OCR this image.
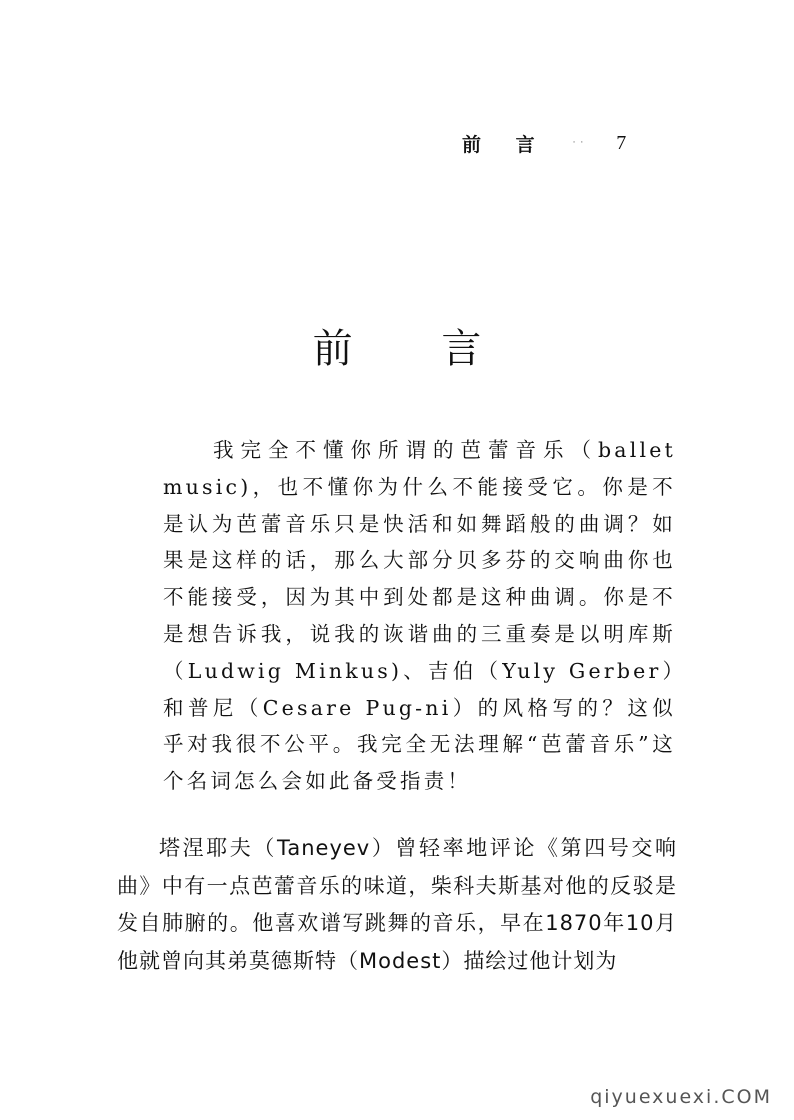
前 言	· · 7
前 言

我完全不懂你所谓的芭蕾音乐（ballet music)，也不懂你为什么不能接受它。你是不是认为芭蕾音乐只是快活和如舞蹈般的曲调？如果是这样的话，那么大部分贝多芬的交响曲你也不能接受，因为其中到处都是这种曲调。你是不是想告诉我，说我的诙谐曲的三重奏是以明库斯（Ludwig Minkus)、吉伯（Yuly Gerber）和普尼（Cesare Pug-ni）的风格写的？这似乎对我很不公平。我完全无法理解“芭蕾音乐”这个名词怎么会如此备受指责！

塔涅耶夫（Taneyev）曾轻率地评论《第四号交响曲》中有一点芭蕾音乐的味道，柴科夫斯基对他的反驳是发自肺腑的。他喜欢谱写跳舞的音乐，早在1870年10月他就曾向其弟莫德斯特（Modest）描绘过他计划为

qiyuexuexi.COM
